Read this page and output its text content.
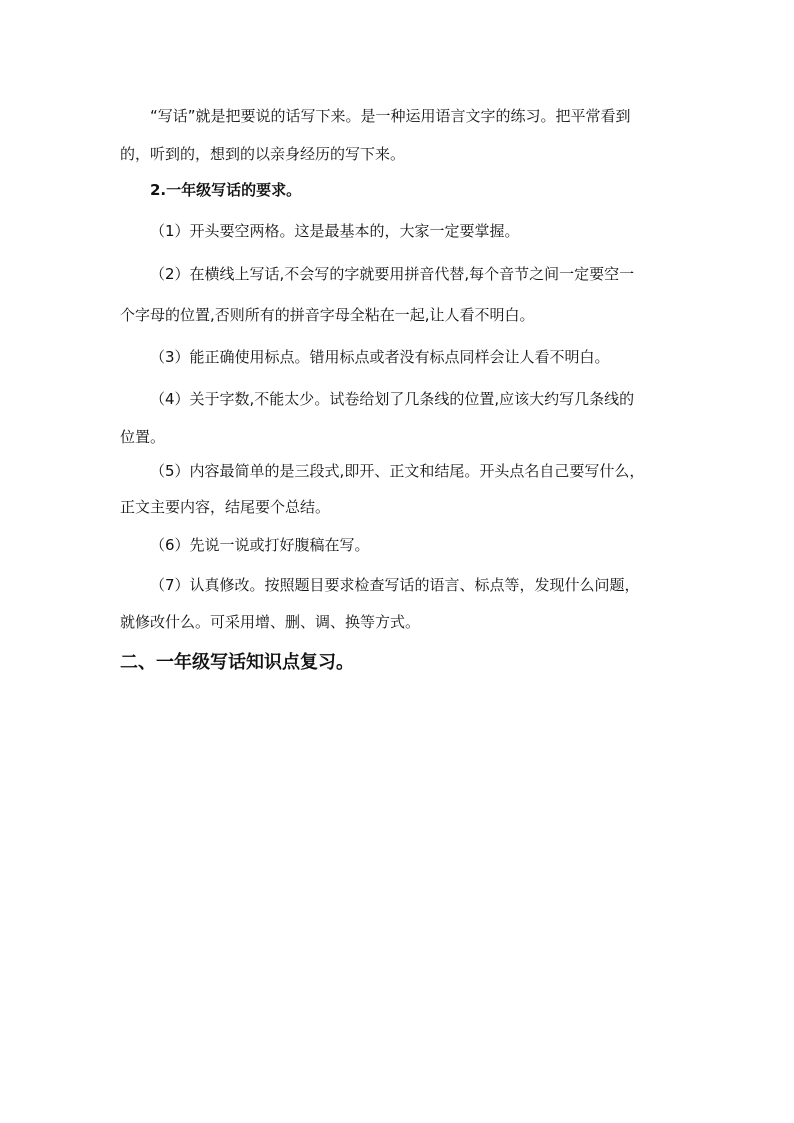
“写话”就是把要说的话写下来。是一种运用语言文字的练习。把平常看到
的，听到的，想到的以亲身经历的写下来。
2.一年级写话的要求。
（1）开头要空两格。这是最基本的，大家一定要掌握。
（2）在横线上写话,不会写的字就要用拼音代替,每个音节之间一定要空一
个字母的位置,否则所有的拼音字母全粘在一起,让人看不明白。
（3）能正确使用标点。错用标点或者没有标点同样会让人看不明白。
（4）关于字数,不能太少。试卷给划了几条线的位置,应该大约写几条线的
位置。
（5）内容最简单的是三段式,即开、正文和结尾。开头点名自己要写什么，
正文主要内容，结尾要个总结。
（6）先说一说或打好腹稿在写。
（7）认真修改。按照题目要求检查写话的语言、标点等，发现什么问题，
就修改什么。可采用增、删、调、换等方式。
二、一年级写话知识点复习。
